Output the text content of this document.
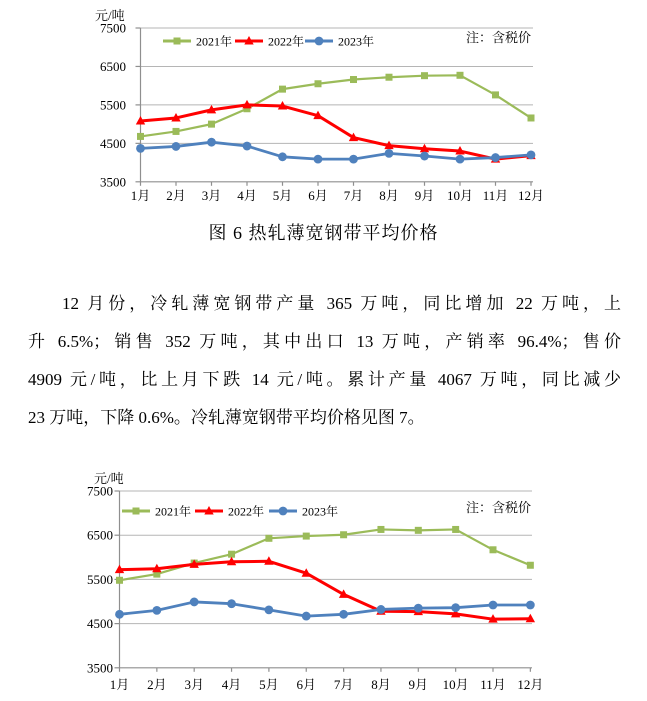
7500
6500
5500
4500
3500
1月 2月 3月 4月 5月 6月 7月 8月 9月 10月 11月 12月
元/吨
注：含税价
2021年	2022年	2023年
图 6 热轧薄宽钢带平均价格
12 月份，冷轧薄宽钢带产量 365 万吨，同比增加 22 万吨，上
升 6.5%；销售 352 万吨，其中出口 13 万吨，产销率 96.4%；售价
4909 元/吨，比上月下跌 14 元/吨。累计产量 4067 万吨，同比减少
23 万吨，下降 0.6%。冷轧薄宽钢带平均价格见图 7。
7500
6500
5500
4500
3500
1月 2月 3月 4月 5月 6月 7月 8月 9月 10月 11月 12月
元/吨
注：含税价
2021年	2022年	2023年
